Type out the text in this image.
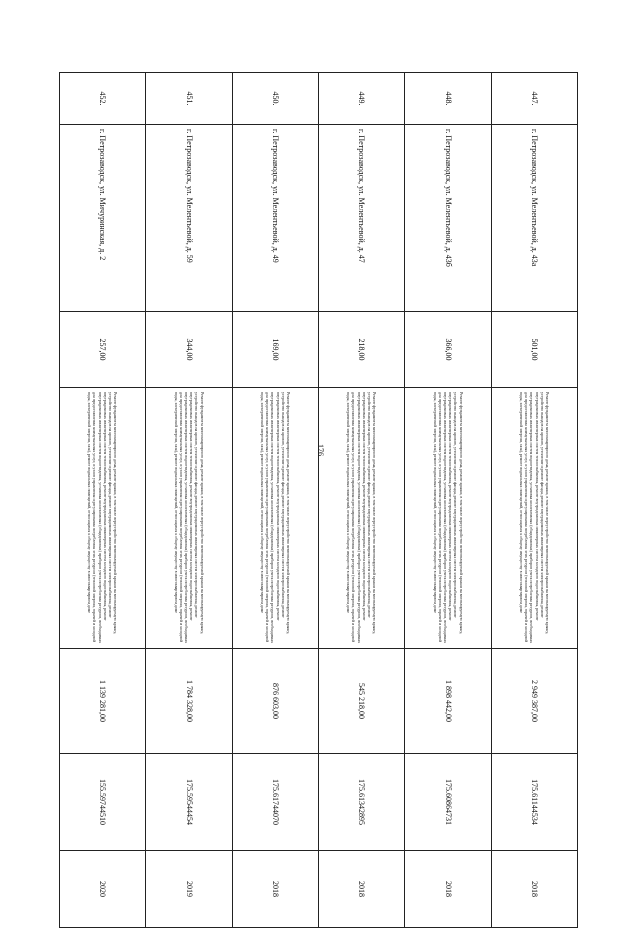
176
447.	г. Петрозаводск, ул. Мелентьевой, д. 43а	501,00	Ремонт фундамента многоквартирного дома, ремонт крыши, в том числе переустройство невентилируемой крыши на вентилируемую крышу, устройство выходов на кровлю, утепление и ремонт фасада, ремонт внутридомовых инженерных систем электроснабжения, ремонт внутридомовых инженерных систем теплоснабжения, ремонт внутридомовых инженерных систем холодного водоснабжения, ремонт внутридомовых инженерных систем водоотведения, установка коллективных (общедомовых) приборов учета потребления ресурсов, необходимых для предоставления коммунальных услуг, и узлов управления и регулирования потребления этих ресурсов (тепловой энергии, горячей и холодной воды, электрической энергии, газа), ремонт подвальных помещений, относящихся к общему имуществу в многоквартирном доме	2 949 387,00	175.61144534	2018
448.	г. Петрозаводск, ул. Мелентьевой, д. 43б	366,00	Ремонт фундамента многоквартирного дома, ремонт крыши, в том числе переустройство невентилируемой крыши на вентилируемую крышу, устройство выходов на кровлю, утепление и ремонт фасада, ремонт внутридомовых инженерных систем электроснабжения, ремонт внутридомовых инженерных систем теплоснабжения, ремонт внутридомовых инженерных систем холодного водоснабжения, ремонт внутридомовых инженерных систем водоотведения, установка коллективных (общедомовых) приборов учета потребления ресурсов, необходимых для предоставления коммунальных услуг, и узлов управления и регулирования потребления этих ресурсов (тепловой энергии, горячей и холодной воды, электрической энергии, газа), ремонт подвальных помещений, относящихся к общему имуществу в многоквартирном доме	1 898 442,00	175.60864731	2018
449.	г. Петрозаводск, ул. Мелентьевой, д. 47	218,00	Ремонт фундамента многоквартирного дома, ремонт крыши, в том числе переустройство невентилируемой крыши на вентилируемую крышу, устройство выходов на кровлю, утепление и ремонт фасада, ремонт внутридомовых инженерных систем электроснабжения, ремонт внутридомовых инженерных систем теплоснабжения, ремонт внутридомовых инженерных систем холодного водоснабжения, ремонт внутридомовых инженерных систем водоотведения, установка коллективных (общедомовых) приборов учета потребления ресурсов, необходимых для предоставления коммунальных услуг, и узлов управления и регулирования потребления этих ресурсов (тепловой энергии, горячей и холодной воды, электрической энергии, газа), ремонт подвальных помещений, относящихся к общему имуществу в многоквартирном доме	545 218,00	175.61342895	2018
450.	г. Петрозаводск, ул. Мелентьевой, д. 49	169,00	Ремонт фундамента многоквартирного дома, ремонт крыши, в том числе переустройство невентилируемой крыши на вентилируемую крышу, устройство выходов на кровлю, утепление и ремонт фасада, ремонт внутридомовых инженерных систем электроснабжения, ремонт внутридомовых инженерных систем теплоснабжения, ремонт внутридомовых инженерных систем холодного водоснабжения, ремонт внутридомовых инженерных систем водоотведения, установка коллективных (общедомовых) приборов учета потребления ресурсов, необходимых для предоставления коммунальных услуг, и узлов управления и регулирования потребления этих ресурсов (тепловой энергии, горячей и холодной воды, электрической энергии, газа), ремонт подвальных помещений, относящихся к общему имуществу в многоквартирном доме	876 603,00	175.61744070	2018
451.	г. Петрозаводск, ул. Мелентьевой, д. 59	344,00	Ремонт фундамента многоквартирного дома, ремонт крыши, в том числе переустройство невентилируемой крыши на вентилируемую крышу, устройство выходов на кровлю, утепление и ремонт фасада, ремонт внутридомовых инженерных систем электроснабжения, ремонт внутридомовых инженерных систем теплоснабжения, ремонт внутридомовых инженерных систем холодного водоснабжения, ремонт внутридомовых инженерных систем водоотведения, установка коллективных (общедомовых) приборов учета потребления ресурсов, необходимых для предоставления коммунальных услуг, и узлов управления и регулирования потребления этих ресурсов (тепловой энергии, горячей и холодной воды, электрической энергии, газа), ремонт подвальных помещений, относящихся к общему имуществу в многоквартирном доме	1 784 328,00	175.59544454	2019
452.	г. Петрозаводск, ул. Мичуринская, д. 2	257,00	Ремонт фундамента многоквартирного дома, ремонт крыши, в том числе переустройство невентилируемой крыши на вентилируемую крышу, устройство выходов на кровлю, утепление и ремонт фасада, ремонт внутридомовых инженерных систем электроснабжения, ремонт внутридомовых инженерных систем теплоснабжения, ремонт внутридомовых инженерных систем холодного водоснабжения, ремонт внутридомовых инженерных систем водоотведения, установка коллективных (общедомовых) приборов учета потребления ресурсов, необходимых для предоставления коммунальных услуг, и узлов управления и регулирования потребления этих ресурсов (тепловой энергии, горячей и холодной воды, электрической энергии, газа), ремонт подвальных помещений, относящихся к общему имуществу в многоквартирном доме	1 139 281,00	155.59744510	2020
